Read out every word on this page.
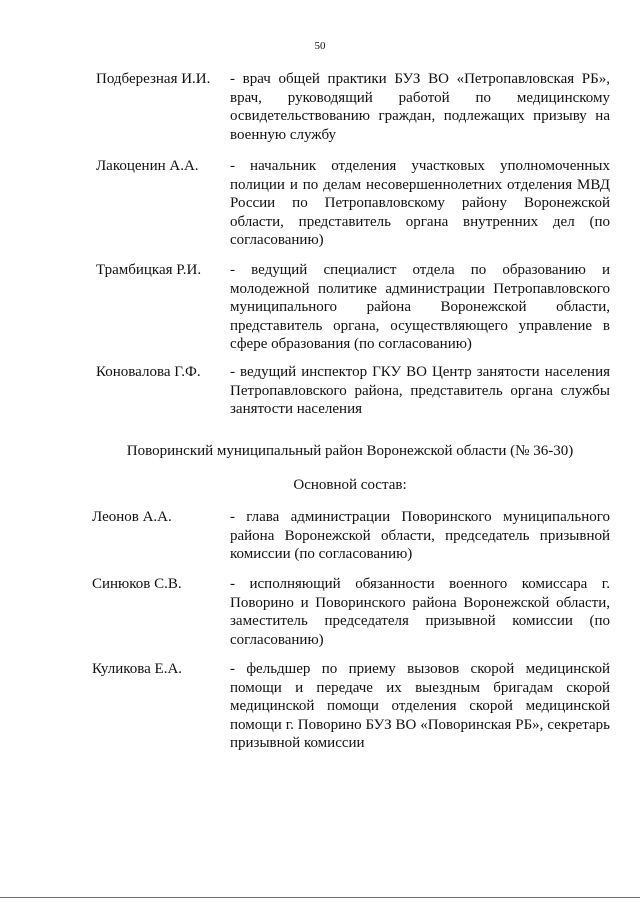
50
Подберезная И.И. - врач общей практики БУЗ ВО «Петропавловская РБ», врач, руководящий работой по медицинскому освидетельствованию граждан, подлежащих призыву на военную службу
Лакоценин А.А. - начальник отделения участковых уполномоченных полиции и по делам несовершеннолетних отделения МВД России по Петропавловскому району Воронежской области, представитель органа внутренних дел (по согласованию)
Трамбицкая Р.И. - ведущий специалист отдела по образованию и молодежной политике администрации Петропавловского муниципального района Воронежской области, представитель органа, осуществляющего управление в сфере образования (по согласованию)
Коновалова Г.Ф. - ведущий инспектор ГКУ ВО Центр занятости населения Петропавловского района, представитель органа службы занятости населения
Поворинский муниципальный район Воронежской области (№ 36-30)
Основной состав:
Леонов А.А.	- глава администрации Поворинского муниципального района Воронежской области, председатель призывной комиссии (по согласованию)
Синюков С.В.	- исполняющий обязанности военного комиссара г. Поворино и Поворинского района Воронежской области, заместитель председателя призывной комиссии (по согласованию)
Куликова Е.А.	- фельдшер по приему вызовов скорой медицинской помощи и передаче их выездным бригадам скорой медицинской помощи отделения скорой медицинской помощи г. Поворино БУЗ ВО «Поворинская РБ», секретарь призывной комиссии
